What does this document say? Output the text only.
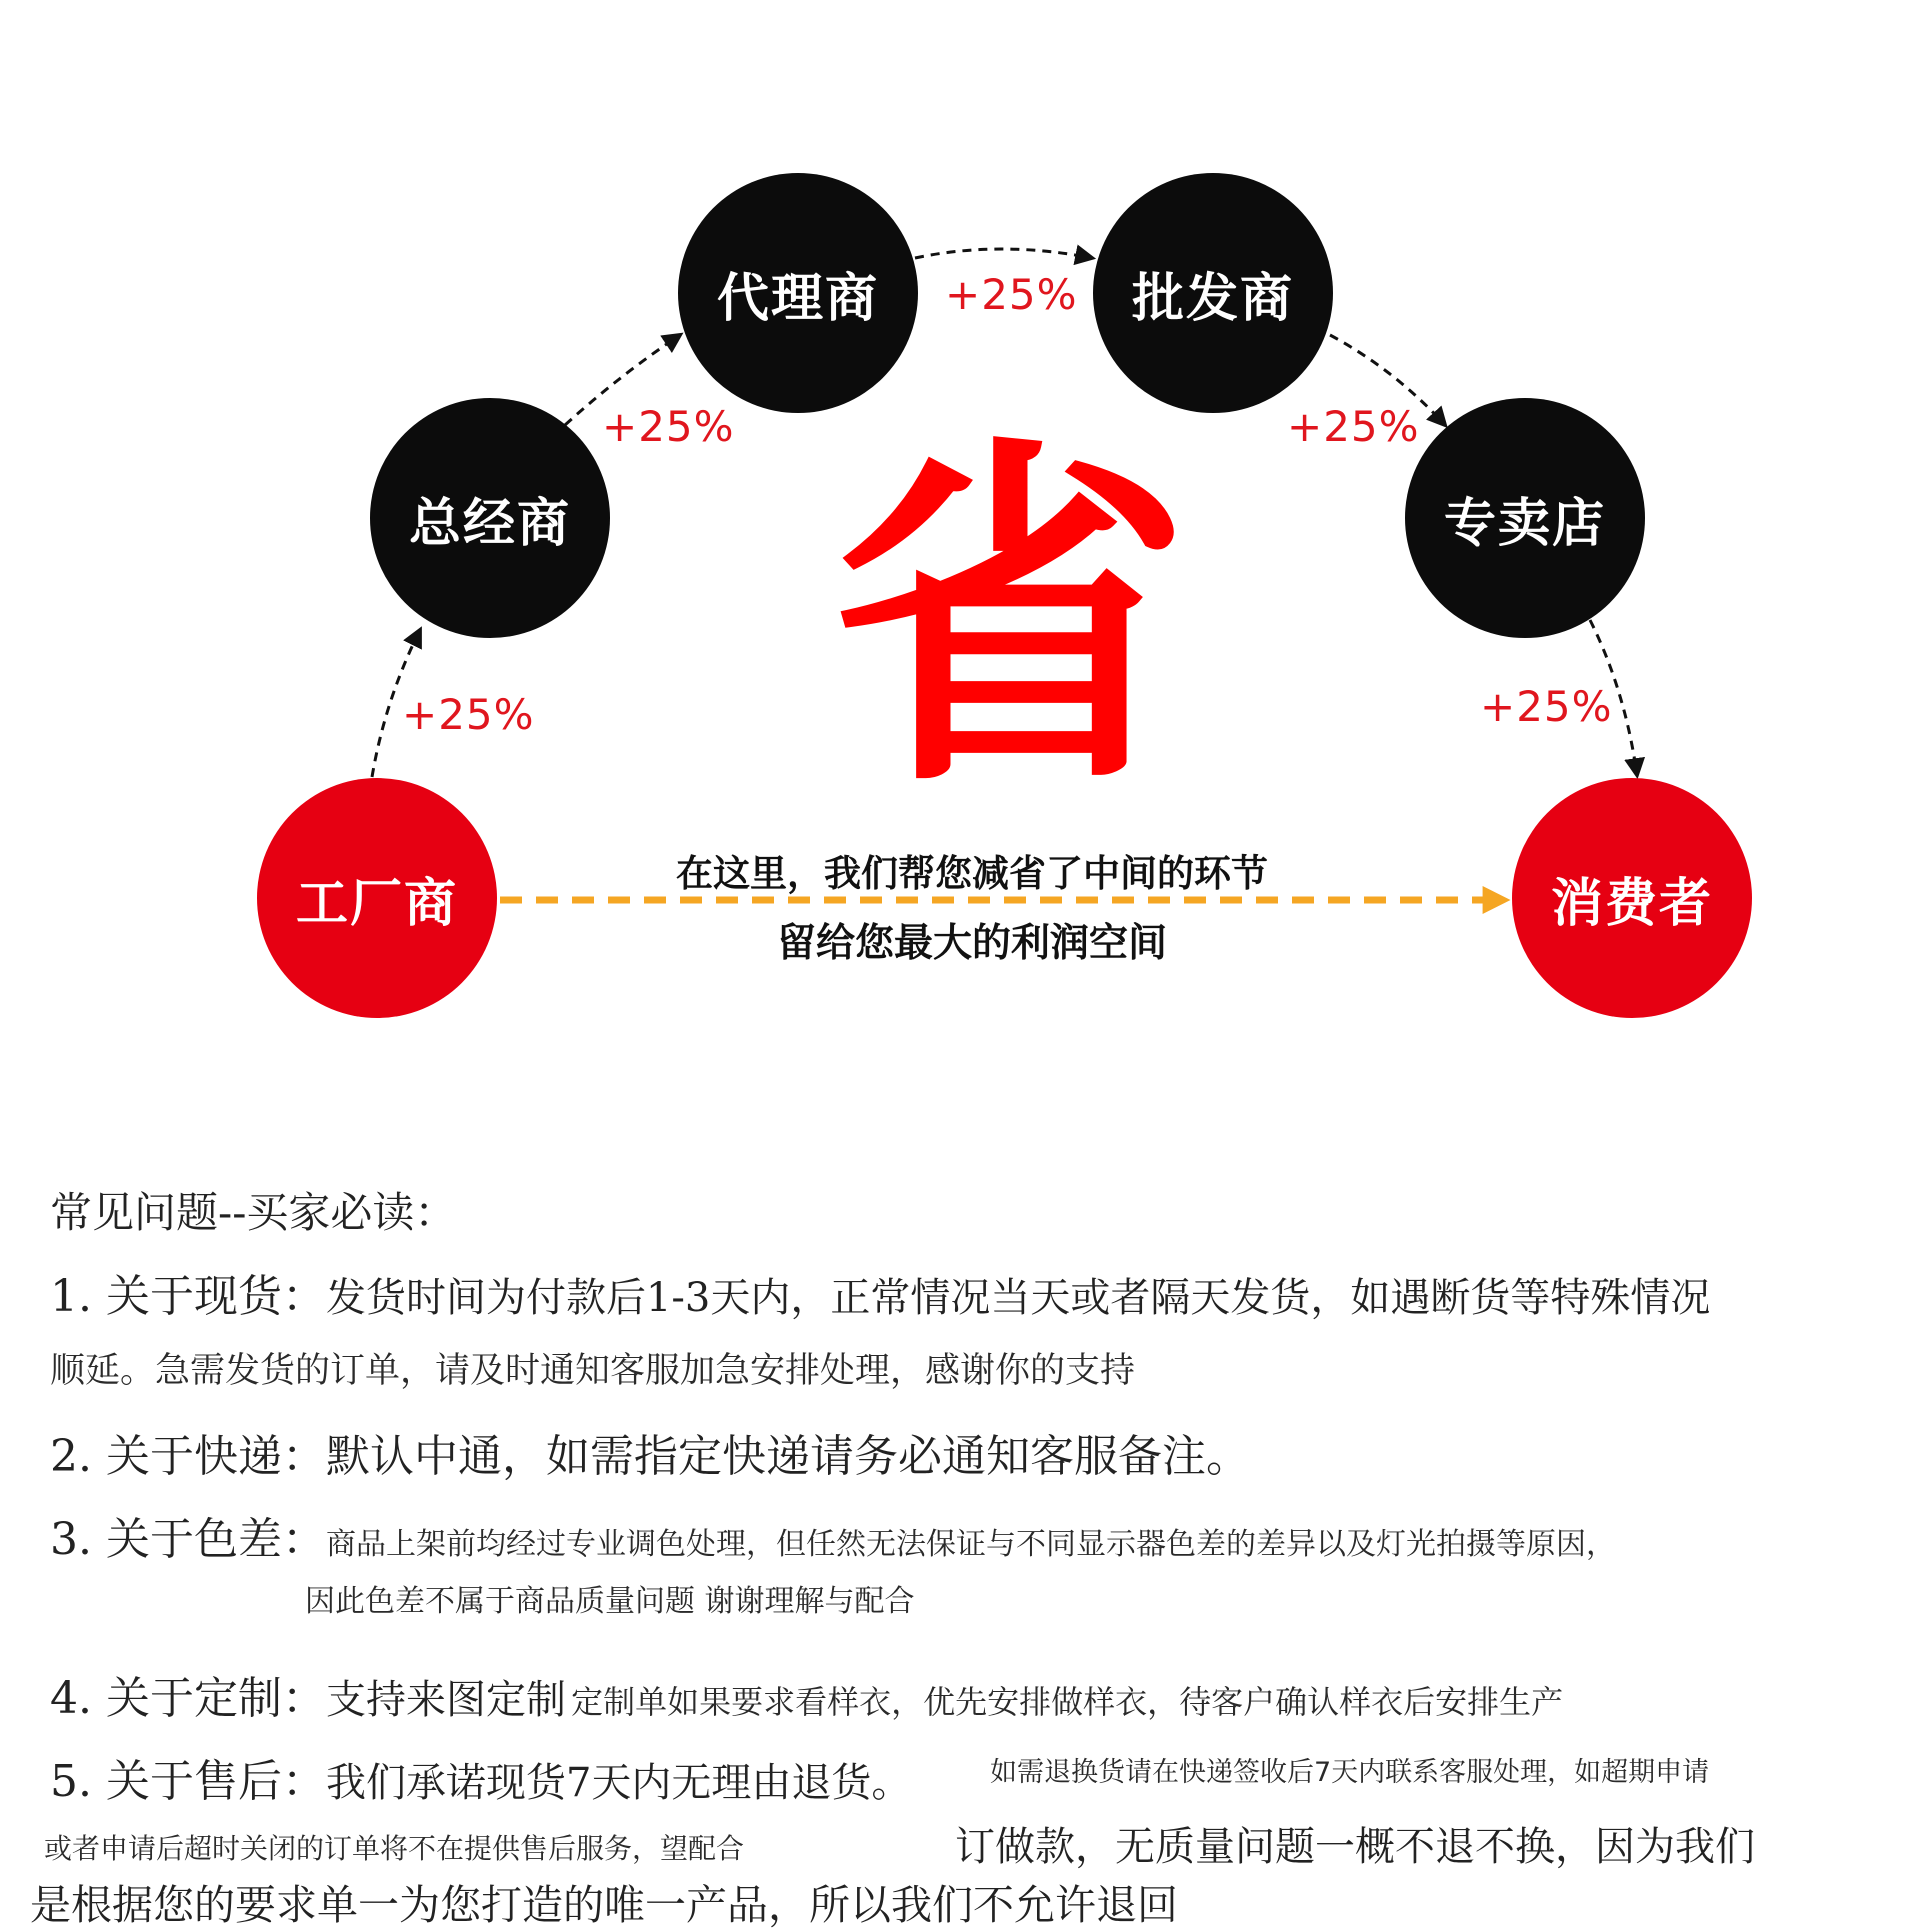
工厂商
总经商
代理商	批发商
专卖店
消费者
+25%
+25%
+25%
+25%
+25%
省
在这里，我们帮您减省了中间的环节
留给您最大的利润空间
常见问题--买家必读：
1. 关于现货：发货时间为付款后1-3天内，正常情况当天或者隔天发货，如遇断货等特殊情况
顺延。急需发货的订单，请及时通知客服加急安排处理，感谢你的支持
2. 关于快递：默认中通，如需指定快递请务必通知客服备注。
3. 关于色差：商品上架前均经过专业调色处理，但任然无法保证与不同显示器色差的差异以及灯光拍摄等原因，
因此色差不属于商品质量问题 谢谢理解与配合
4. 关于定制：支持来图定制 定制单如果要求看样衣，优先安排做样衣，待客户确认样衣后安排生产
5. 关于售后：我们承诺现货7天内无理由退货。	如需退换货请在快递签收后7天内联系客服处理，如超期申请
或者申请后超时关闭的订单将不在提供售后服务，望配合	订做款，无质量问题一概不退不换，因为我们
是根据您的要求单一为您打造的唯一产品，所以我们不允许退回
